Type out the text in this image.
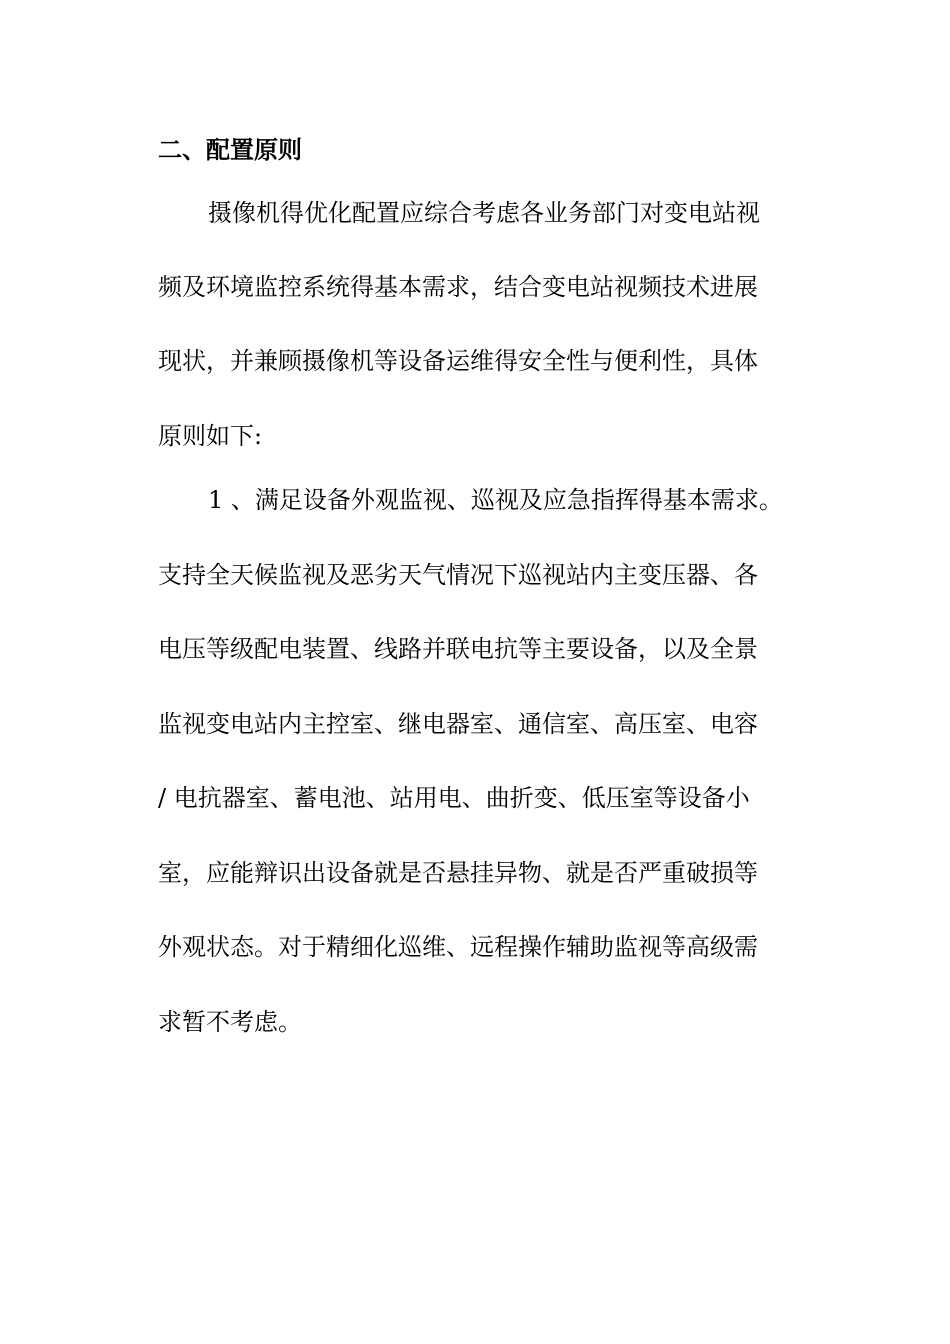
二、配置原则
摄像机得优化配置应综合考虑各业务部门对变电站视
频及环境监控系统得基本需求，结合变电站视频技术进展
现状，并兼顾摄像机等设备运维得安全性与便利性，具体
原则如下:
1 、满足设备外观监视、巡视及应急指挥得基本需求。
支持全天候监视及恶劣天气情况下巡视站内主变压器、各
电压等级配电装置、线路并联电抗等主要设备，以及全景
监视变电站内主控室、继电器室、通信室、高压室、电容
/ 电抗器室、蓄电池、站用电、曲折变、低压室等设备小
室，应能辩识出设备就是否悬挂异物、就是否严重破损等
外观状态。对于精细化巡维、远程操作辅助监视等高级需
求暂不考虑。
